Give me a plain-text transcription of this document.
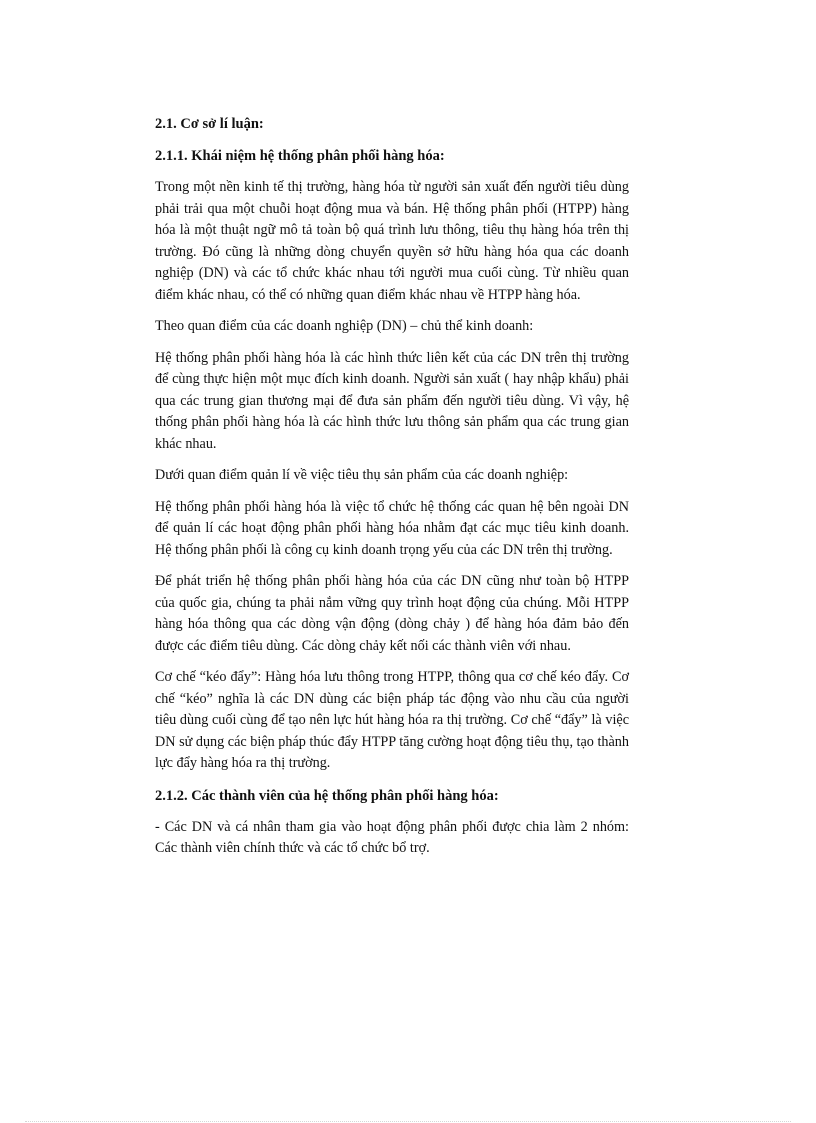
2.1. Cơ sở lí luận:
2.1.1. Khái niệm hệ thống phân phối hàng hóa:

Trong một nền kinh tế thị trường, hàng hóa từ người sản xuất đến người tiêu dùng phải trải qua một chuỗi hoạt động mua và bán. Hệ thống phân phối (HTPP) hàng hóa là một thuật ngữ mô tả toàn bộ quá trình lưu thông, tiêu thụ hàng hóa trên thị trường. Đó cũng là những dòng chuyển quyền sở hữu hàng hóa qua các doanh nghiệp (DN) và các tổ chức khác nhau tới người mua cuối cùng. Từ nhiều quan điểm khác nhau, có thể có những quan điểm khác nhau về HTPP hàng hóa.

Theo quan điểm của các doanh nghiệp (DN) – chủ thể kinh doanh:

Hệ thống phân phối hàng hóa là các hình thức liên kết của các DN trên thị trường để cùng thực hiện một mục đích kinh doanh. Người sản xuất ( hay nhập khẩu) phải qua các trung gian thương mại để đưa sản phẩm đến người tiêu dùng. Vì vậy, hệ thống phân phối hàng hóa là các hình thức lưu thông sản phẩm qua các trung gian khác nhau.

Dưới quan điểm quản lí về việc tiêu thụ sản phẩm của các doanh nghiệp:

Hệ thống phân phối hàng hóa là việc tổ chức hệ thống các quan hệ bên ngoài DN để quản lí các hoạt động phân phối hàng hóa nhằm đạt các mục tiêu kinh doanh. Hệ thống phân phối là công cụ kinh doanh trọng yếu của các DN trên thị trường.

Để phát triển hệ thống phân phối hàng hóa của các DN cũng như toàn bộ HTPP của quốc gia, chúng ta phải nắm vững quy trình hoạt động của chúng. Mỗi HTPP hàng hóa thông qua các dòng vận động (dòng chảy ) để hàng hóa đảm bảo đến được các điểm tiêu dùng. Các dòng chảy kết nối các thành viên với nhau.

Cơ chế “kéo đẩy”: Hàng hóa lưu thông trong HTPP, thông qua cơ chế kéo đẩy. Cơ chế “kéo” nghĩa là các DN dùng các biện pháp tác động vào nhu cầu của người tiêu dùng cuối cùng để tạo nên lực hút hàng hóa ra thị trường. Cơ chế “đẩy” là việc DN sử dụng các biện pháp thúc đẩy HTPP tăng cường hoạt động tiêu thụ, tạo thành lực đẩy hàng hóa ra thị trường.

2.1.2. Các thành viên của hệ thống phân phối hàng hóa:

- Các DN và cá nhân tham gia vào hoạt động phân phối được chia làm 2 nhóm: Các thành viên chính thức và các tổ chức bổ trợ.
